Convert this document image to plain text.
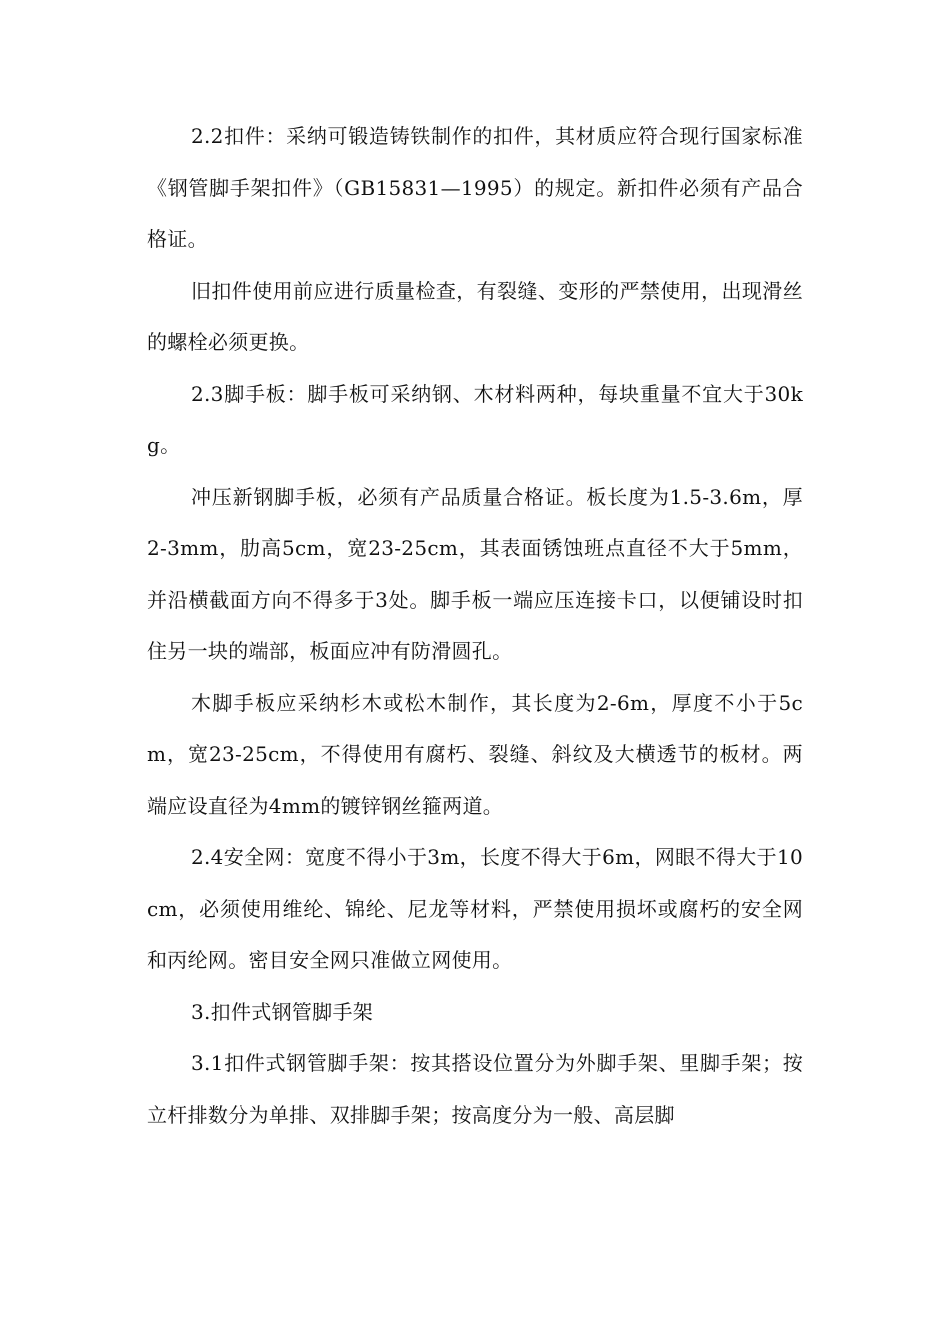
2.2扣件：采纳可锻造铸铁制作的扣件，其材质应符合现行国家标准《钢管脚手架扣件》（GB15831—1995）的规定。新扣件必须有产品合格证。

旧扣件使用前应进行质量检查，有裂缝、变形的严禁使用，出现滑丝的螺栓必须更换。

2.3脚手板：脚手板可采纳钢、木材料两种，每块重量不宜大于30kg。

冲压新钢脚手板，必须有产品质量合格证。板长度为1.5-3.6m，厚2-3mm，肋高5cm，宽23-25cm，其表面锈蚀班点直径不大于5mm，并沿横截面方向不得多于3处。脚手板一端应压连接卡口，以便铺设时扣住另一块的端部，板面应冲有防滑圆孔。

木脚手板应采纳杉木或松木制作，其长度为2-6m，厚度不小于5cm，宽23-25cm，不得使用有腐朽、裂缝、斜纹及大横透节的板材。两端应设直径为4mm的镀锌钢丝箍两道。

2.4安全网：宽度不得小于3m，长度不得大于6m，网眼不得大于10cm，必须使用维纶、锦纶、尼龙等材料，严禁使用损坏或腐朽的安全网和丙纶网。密目安全网只准做立网使用。

3.扣件式钢管脚手架

3.1扣件式钢管脚手架：按其搭设位置分为外脚手架、里脚手架；按立杆排数分为单排、双排脚手架；按高度分为一般、高层脚
